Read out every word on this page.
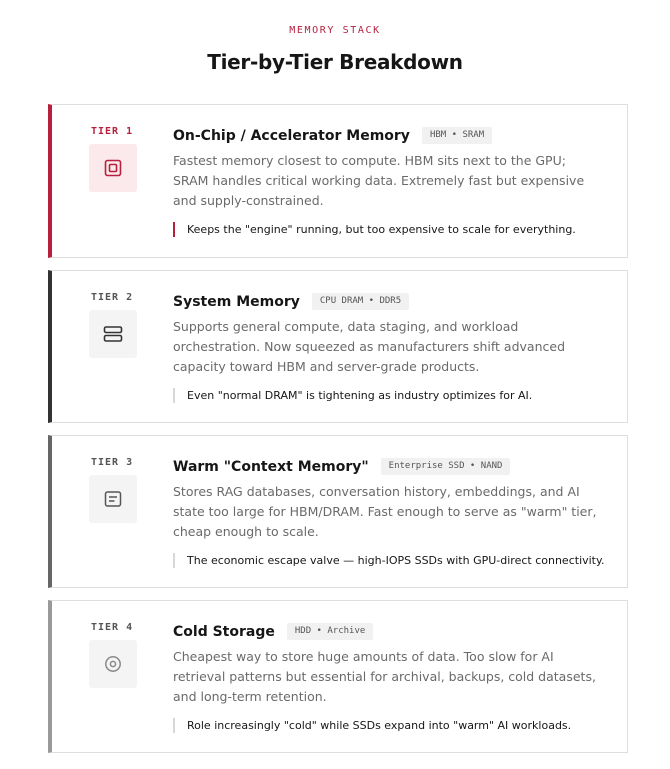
MEMORY STACK
Tier-by-Tier Breakdown
TIER 1	On-Chip / Accelerator Memory	HBM • SRAM

Fastest memory closest to compute. HBM sits next to the GPU; SRAM handles critical working data. Extremely fast but expensive and supply-constrained.

Keeps the "engine" running, but too expensive to scale for everything.
TIER 2	System Memory	CPU DRAM • DDR5

Supports general compute, data staging, and workload orchestration. Now squeezed as manufacturers shift advanced capacity toward HBM and server-grade products.

Even "normal DRAM" is tightening as industry optimizes for AI.
TIER 3	Warm "Context Memory"	Enterprise SSD • NAND

Stores RAG databases, conversation history, embeddings, and AI state too large for HBM/DRAM. Fast enough to serve as "warm" tier, cheap enough to scale.

The economic escape valve — high-IOPS SSDs with GPU-direct connectivity.
TIER 4	Cold Storage	HDD • Archive

Cheapest way to store huge amounts of data. Too slow for AI retrieval patterns but essential for archival, backups, cold datasets, and long-term retention.

Role increasingly "cold" while SSDs expand into "warm" AI workloads.
